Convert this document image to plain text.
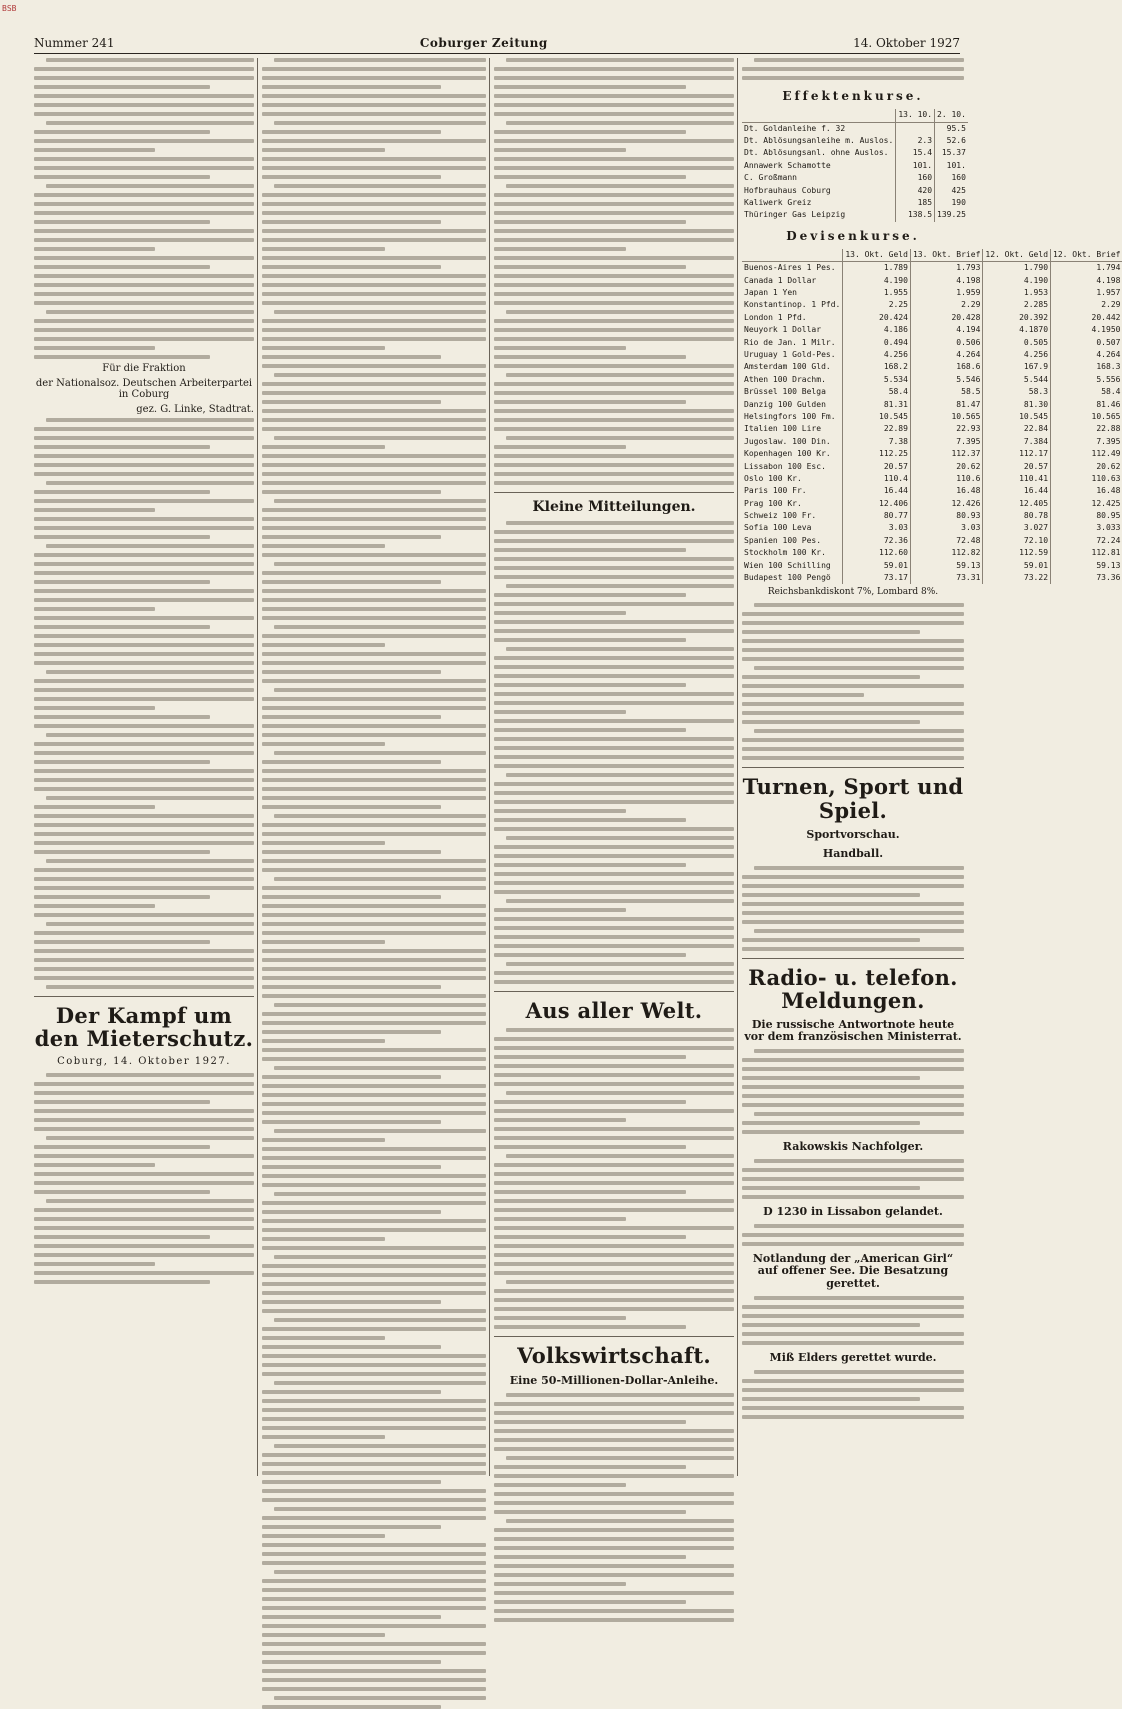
BSB
Nummer 241	Coburger Zeitung	14. Oktober 1927
Für die Fraktion
der Nationalsoz. Deutschen Arbeiterpartei in Coburg
gez. G. Linke, Stadtrat.
Der Kampf um den Mieterschutz.
Coburg, 14. Oktober 1927.
Kleine Mitteilungen.
Aus aller Welt.
Volkswirtschaft.
Eine 50-Millionen-Dollar-Anleihe.
Effektenkurse.
	13. 10.	2. 10.
Dt. Goldanleihe f. 32		95.5
Dt. Ablösungsanleihe m. Auslos.	2.3	52.6
Dt. Ablösungsanl. ohne Auslos.	15.4	15.37
Annawerk Schamotte	101.	101.
C. Großmann	160	160
Hofbrauhaus Coburg	420	425
Kaliwerk Greiz	185	190
Thüringer Gas Leipzig	138.5	139.25
Devisenkurse.
	13. Okt. Geld	13. Okt. Brief	12. Okt. Geld	12. Okt. Brief
Buenos-Aires 1 Pes.	1.789	1.793	1.790	1.794
Canada 1 Dollar	4.190	4.198	4.190	4.198
Japan 1 Yen	1.955	1.959	1.953	1.957
Konstantinop. 1 Pfd.	2.25	2.29	2.285	2.29
London 1 Pfd.	20.424	20.428	20.392	20.442
Neuyork 1 Dollar	4.186	4.194	4.1870	4.1950
Rio de Jan. 1 Milr.	0.494	0.506	0.505	0.507
Uruguay 1 Gold-Pes.	4.256	4.264	4.256	4.264
Amsterdam 100 Gld.	168.2	168.6	167.9	168.3
Athen 100 Drachm.	5.534	5.546	5.544	5.556
Brüssel 100 Belga	58.4	58.5	58.3	58.4
Danzig 100 Gulden	81.31	81.47	81.30	81.46
Helsingfors 100 Fm.	10.545	10.565	10.545	10.565
Italien 100 Lire	22.89	22.93	22.84	22.88
Jugoslaw. 100 Din.	7.38	7.395	7.384	7.395
Kopenhagen 100 Kr.	112.25	112.37	112.17	112.49
Lissabon 100 Esc.	20.57	20.62	20.57	20.62
Oslo 100 Kr.	110.4	110.6	110.41	110.63
Paris 100 Fr.	16.44	16.48	16.44	16.48
Prag 100 Kr.	12.406	12.426	12.405	12.425
Schweiz 100 Fr.	80.77	80.93	80.78	80.95
Sofia 100 Leva	3.03	3.03	3.027	3.033
Spanien 100 Pes.	72.36	72.48	72.10	72.24
Stockholm 100 Kr.	112.60	112.82	112.59	112.81
Wien 100 Schilling	59.01	59.13	59.01	59.13
Budapest 100 Pengö	73.17	73.31	73.22	73.36
Reichsbankdiskont 7%, Lombard 8%.
Turnen, Sport und Spiel.
Sportvorschau.
Handball.
Radio- u. telefon. Meldungen.
Die russische Antwortnote heute vor dem französischen Ministerrat.
Rakowskis Nachfolger.
D 1230 in Lissabon gelandet.
Notlandung der „American Girl“ auf offener See. Die Besatzung gerettet.
Miß Elders gerettet wurde.
